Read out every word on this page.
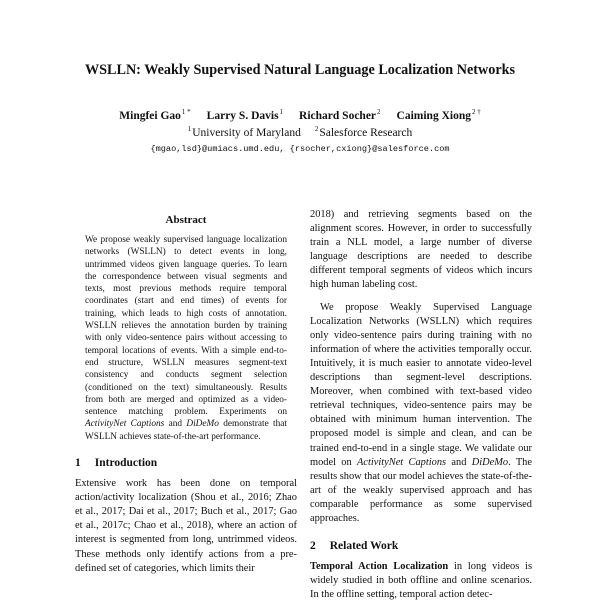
WSLLN: Weakly Supervised Natural Language Localization Networks
Mingfei Gao$^{1 *}$ Larry S. Davis$^1$ Richard Socher$^2$ Caiming Xiong$^{2 \dagger}$
$^1$University of Maryland $^2$Salesforce Research
{mgao,lsd}@umiacs.umd.edu, {rsocher,cxiong}@salesforce.com
Abstract

We propose weakly supervised language localization networks (WSLLN) to detect events in long, untrimmed videos given language queries. To learn the correspondence between visual segments and texts, most previous methods require temporal coordinates (start and end times) of events for training, which leads to high costs of annotation. WSLLN relieves the annotation burden by training with only video-sentence pairs without accessing to temporal locations of events. With a simple end-to-end structure, WSLLN measures segment-text consistency and conducts segment selection (conditioned on the text) simultaneously. Results from both are merged and optimized as a video-sentence matching problem. Experiments on ActivityNet Captions and DiDeMo demonstrate that WSLLN achieves state-of-the-art performance.

1 Introduction

Extensive work has been done on temporal action/activity localization (Shou et al., 2016; Zhao et al., 2017; Dai et al., 2017; Buch et al., 2017; Gao et al., 2017c; Chao et al., 2018), where an action of interest is segmented from long, untrimmed videos. These methods only identify actions from a pre-defined set of categories, which limits their

2018) and retrieving segments based on the alignment scores. However, in order to successfully train a NLL model, a large number of diverse language descriptions are needed to describe different temporal segments of videos which incurs high human labeling cost.

We propose Weakly Supervised Language Localization Networks (WSLLN) which requires only video-sentence pairs during training with no information of where the activities temporally occur. Intuitively, it is much easier to annotate video-level descriptions than segment-level descriptions. Moreover, when combined with text-based video retrieval techniques, video-sentence pairs may be obtained with minimum human intervention. The proposed model is simple and clean, and can be trained end-to-end in a single stage. We validate our model on ActivityNet Captions and DiDeMo. The results show that our model achieves the state-of-the-art of the weakly supervised approach and has comparable performance as some supervised approaches.

2 Related Work

Temporal Action Localization in long videos is widely studied in both offline and online scenarios. In the offline setting, temporal action detec-
